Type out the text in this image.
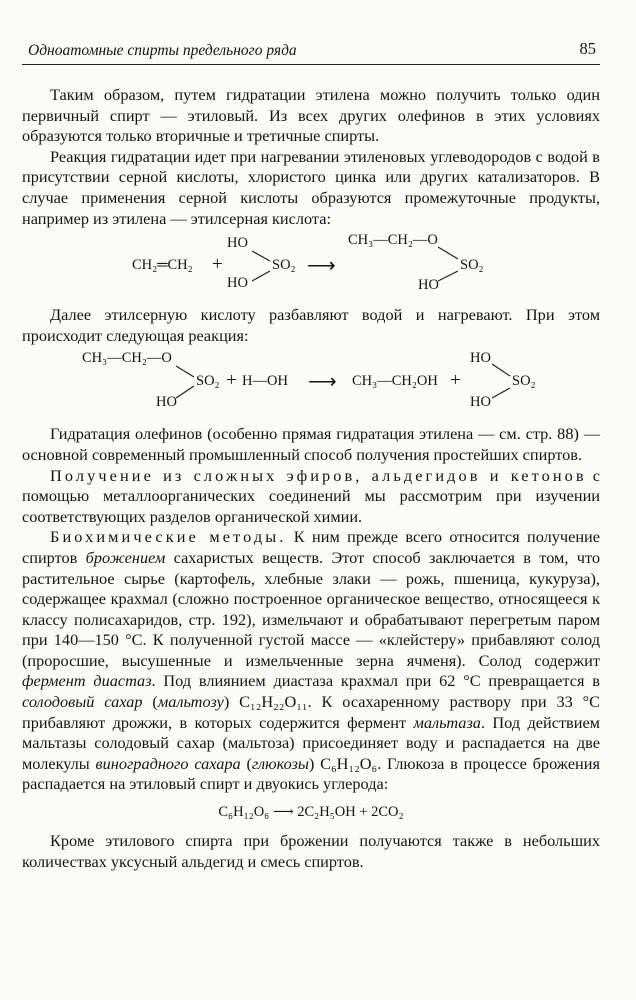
Одноатомные спирты предельного ряда	85

Таким образом, путем гидратации этилена можно получить только один первичный спирт — этиловый. Из всех других олефинов в этих условиях образуются только вторичные и третичные спирты.

Реакция гидратации идет при нагревании этиленовых углеводородов с водой в присутствии серной кислоты, хлористого цинка или других катализаторов. В случае применения серной кислоты образуются промежуточные продукты, например из этилена — этилсерная кислота:

CH₂═CH₂ +
HO
HO
SO₂ ⟶
CH₃—CH₂—O
SO₂
HO

Далее этилсерную кислоту разбавляют водой и нагревают. При этом происходит следующая реакция:

CH₃—CH₂—O
SO₂
HO
+ H—OH ⟶ CH₃—CH₂OH +
HO
HO
SO₂

Гидратация олефинов (особенно прямая гидратация этилена — см. стр. 88) — основной современный промышленный способ получения простейших спиртов.

Получение из сложных эфиров, альдегидов и кетонов с помощью металлоорганических соединений мы рассмотрим при изучении соответствующих разделов органической химии.

Биохимические методы. К ним прежде всего относится получение спиртов брожением сахаристых веществ. Этот способ заключается в том, что растительное сырье (картофель, хлебные злаки — рожь, пшеница, кукуруза), содержащее крахмал (сложно построенное органическое вещество, относящееся к классу полисахаридов, стр. 192), измельчают и обрабатывают перегретым паром при 140—150 °С. К полученной густой массе — «клейстеру» прибавляют солод (проросшие, высушенные и измельченные зерна ячменя). Солод содержит фермент диастаз. Под влиянием диастаза крахмал при 62 °С превращается в солодовый сахар (мальтозу) C₁₂H₂₂O₁₁. К осахаренному раствору при 33 °С прибавляют дрожжи, в которых содержится фермент мальтаза. Под действием мальтазы солодовый сахар (мальтоза) присоединяет воду и распадается на две молекулы виноградного сахара (глюкозы) C₆H₁₂O₆. Глюкоза в процессе брожения распадается на этиловый спирт и двуокись углерода:

C₆H₁₂O₆ ⟶ 2C₂H₅OH + 2CO₂

Кроме этилового спирта при брожении получаются также в небольших количествах уксусный альдегид и смесь спиртов.
